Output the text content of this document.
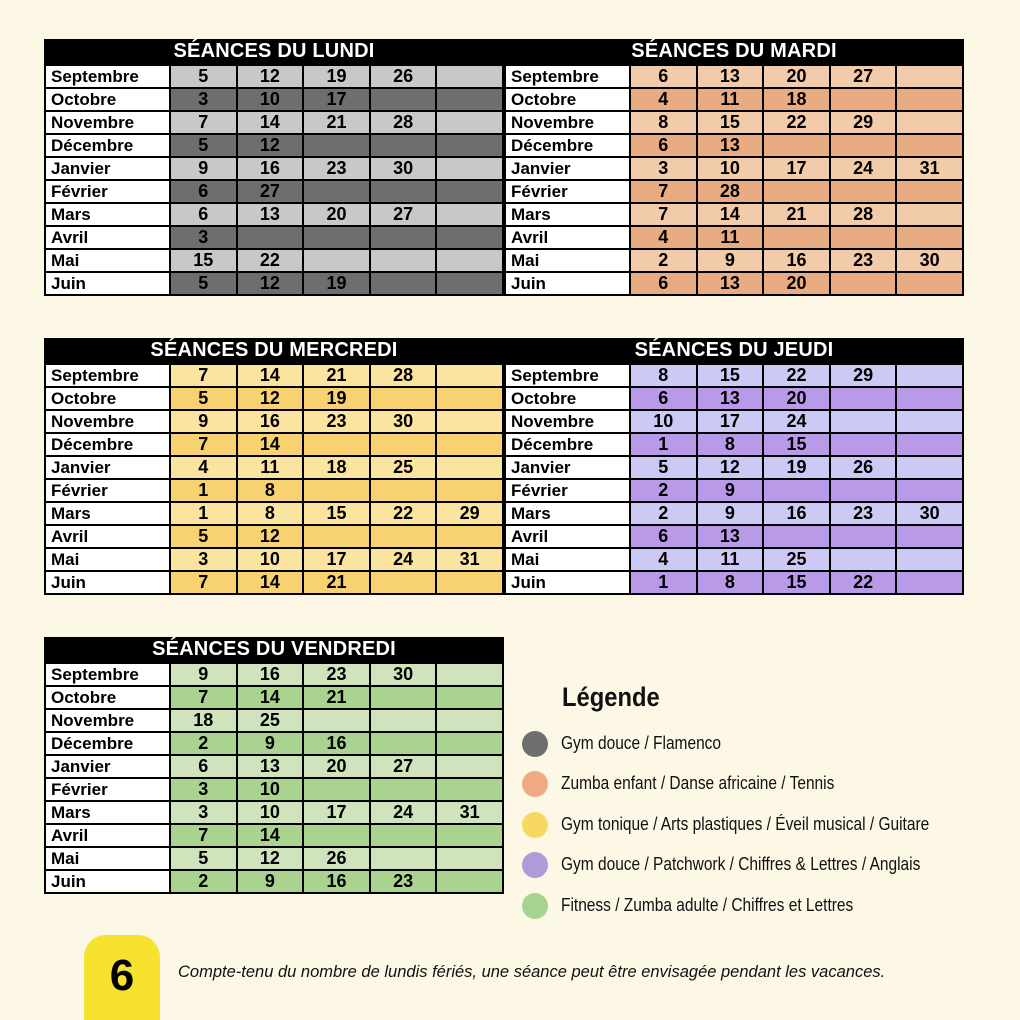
SÉANCES DU LUNDI
Septembre	5	12	19	26	
Octobre	3	10	17		
Novembre	7	14	21	28	
Décembre	5	12			
Janvier	9	16	23	30	
Février	6	27			
Mars	6	13	20	27	
Avril	3				
Mai	15	22			
Juin	5	12	19		
SÉANCES DU MARDI
Septembre	6	13	20	27	
Octobre	4	11	18		
Novembre	8	15	22	29	
Décembre	6	13			
Janvier	3	10	17	24	31
Février	7	28			
Mars	7	14	21	28	
Avril	4	11			
Mai	2	9	16	23	30
Juin	6	13	20		
SÉANCES DU MERCREDI
Septembre	7	14	21	28	
Octobre	5	12	19		
Novembre	9	16	23	30	
Décembre	7	14			
Janvier	4	11	18	25	
Février	1	8			
Mars	1	8	15	22	29
Avril	5	12			
Mai	3	10	17	24	31
Juin	7	14	21		
SÉANCES DU JEUDI
Septembre	8	15	22	29	
Octobre	6	13	20		
Novembre	10	17	24		
Décembre	1	8	15		
Janvier	5	12	19	26	
Février	2	9			
Mars	2	9	16	23	30
Avril	6	13			
Mai	4	11	25		
Juin	1	8	15	22	
SÉANCES DU VENDREDI
Septembre	9	16	23	30	
Octobre	7	14	21		
Novembre	18	25			
Décembre	2	9	16		
Janvier	6	13	20	27	
Février	3	10			
Mars	3	10	17	24	31
Avril	7	14			
Mai	5	12	26		
Juin	2	9	16	23	
Légende
Gym douce / Flamenco
Zumba enfant / Danse africaine / Tennis
Gym tonique / Arts plastiques / Éveil musical / Guitare
Gym douce / Patchwork / Chiffres & Lettres / Anglais
Fitness / Zumba adulte / Chiffres et Lettres
6	Compte-tenu du nombre de lundis fériés, une séance peut être envisagée pendant les vacances.
